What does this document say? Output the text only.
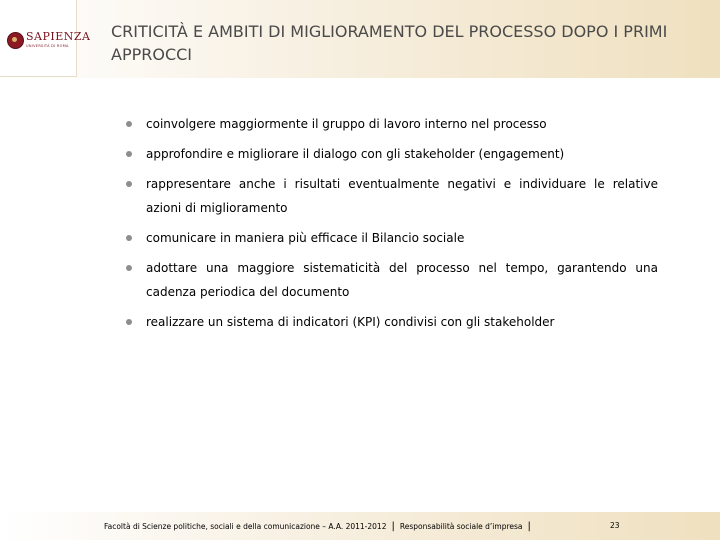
SAPIENZA
UNIVERSITÀ DI ROMA
CRITICITÀ E AMBITI DI MIGLIORAMENTO DEL PROCESSO DOPO I PRIMI APPROCCI
coinvolgere maggiormente il gruppo di lavoro interno nel processo
approfondire e migliorare il dialogo con gli stakeholder (engagement)
rappresentare anche i risultati eventualmente negativi e individuare le relative azioni di miglioramento
comunicare in maniera più efficace il Bilancio sociale
adottare una maggiore sistematicità del processo nel tempo, garantendo una cadenza periodica del documento
realizzare un sistema di indicatori (KPI) condivisi con gli stakeholder
Facoltà di Scienze politiche, sociali e della comunicazione – A.A. 2011-2012 | Responsabilità sociale d’impresa |	23
